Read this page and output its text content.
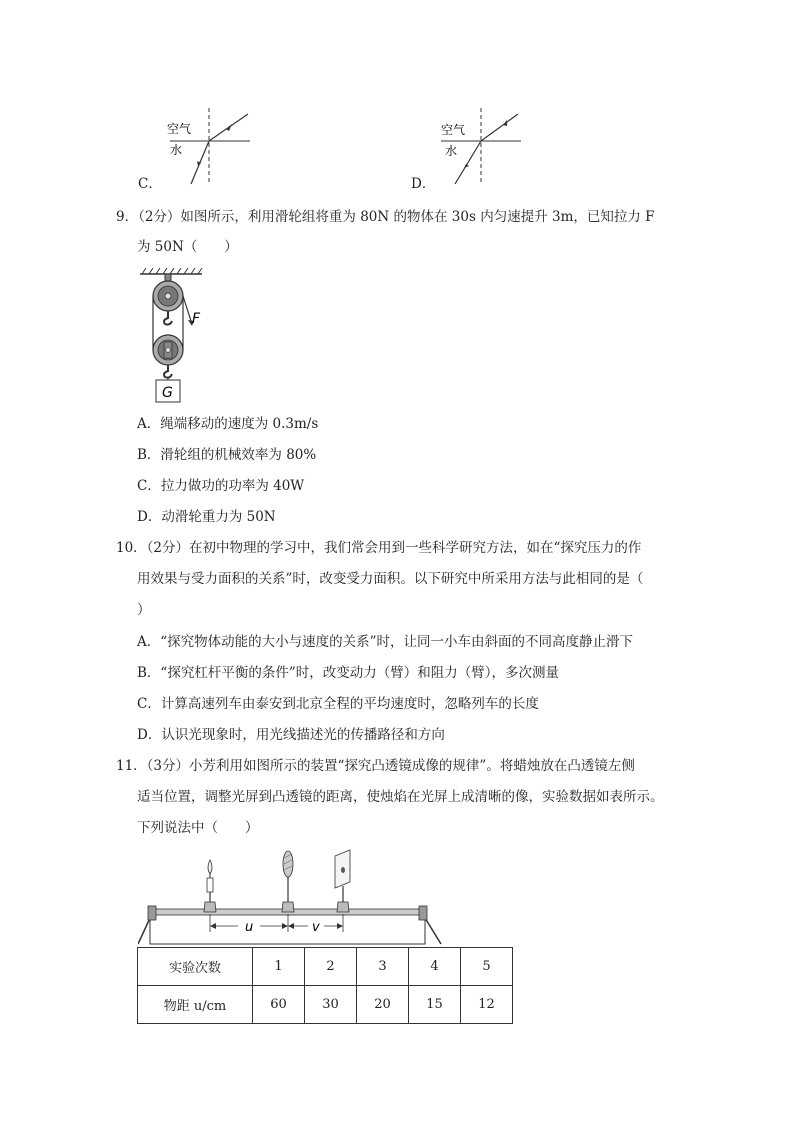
空气
水
C．
空气
水
D．
9．（2分）如图所示，利用滑轮组将重为 80N 的物体在 30s 内匀速提升 3m，已知拉力 F
为 50N（　　）
F
G
A．绳端移动的速度为 0.3m/s
B．滑轮组的机械效率为 80%
C．拉力做功的功率为 40W
D．动滑轮重力为 50N
10．（2分）在初中物理的学习中，我们常会用到一些科学研究方法，如在“探究压力的作
用效果与受力面积的关系”时，改变受力面积。以下研究中所采用方法与此相同的是（
）
A．“探究物体动能的大小与速度的关系”时，让同一小车由斜面的不同高度静止滑下
B．“探究杠杆平衡的条件”时，改变动力（臂）和阻力（臂），多次测量
C．计算高速列车由泰安到北京全程的平均速度时，忽略列车的长度
D．认识光现象时，用光线描述光的传播路径和方向
11．（3分）小芳利用如图所示的装置“探究凸透镜成像的规律”。将蜡烛放在凸透镜左侧
适当位置，调整光屏到凸透镜的距离，使烛焰在光屏上成清晰的像，实验数据如表所示。
下列说法中（　　）
u	v
实验次数	1	2	3	4	5
物距 u/cm	60	30	20	15	12
